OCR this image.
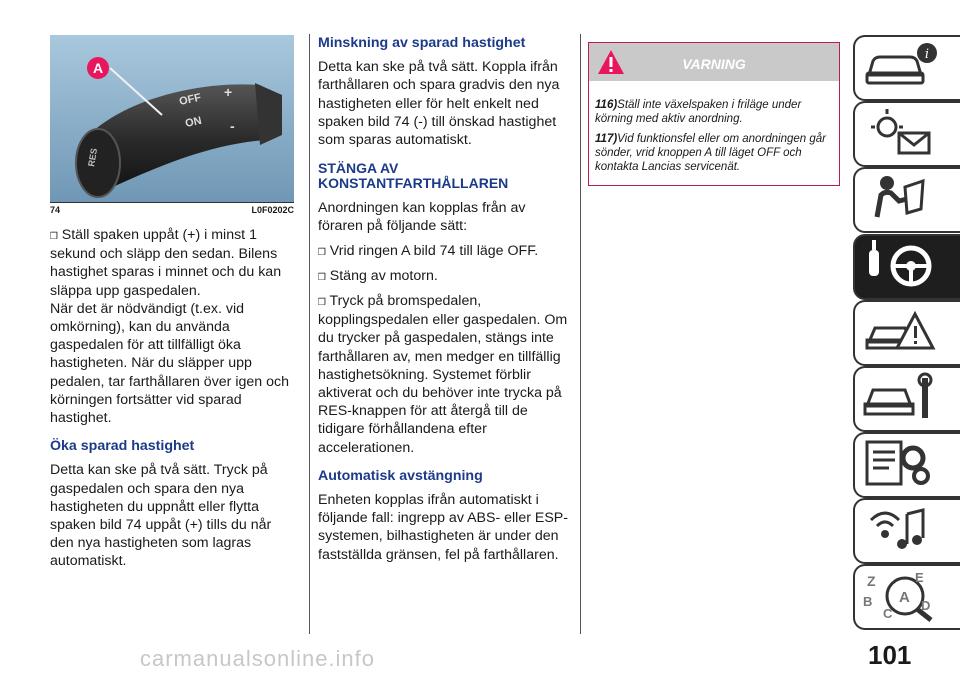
A
OFF
ON
+
-
RES
74	L0F0202C

❒ Ställ spaken uppåt (+) i minst 1 sekund och släpp den sedan. Bilens hastighet sparas i minnet och du kan släppa upp gaspedalen.
När det är nödvändigt (t.ex. vid omkörning), kan du använda gaspedalen för att tillfälligt öka hastigheten. När du släpper upp pedalen, tar farthållaren över igen och körningen fortsätter vid sparad hastighet.

Öka sparad hastighet

Detta kan ske på två sätt. Tryck på gaspedalen och spara den nya hastigheten du uppnått eller flytta spaken bild 74 uppåt (+) tills du når den nya hastigheten som lagras automatiskt.

Minskning av sparad hastighet

Detta kan ske på två sätt. Koppla ifrån farthållaren och spara gradvis den nya hastigheten eller för helt enkelt ned spaken bild 74 (-) till önskad hastighet som sparas automatiskt.

STÄNGA AV KONSTANTFARTHÅLLAREN

Anordningen kan kopplas från av föraren på följande sätt:

❒ Vrid ringen A bild 74 till läge OFF.

❒ Stäng av motorn.

❒ Tryck på bromspedalen, kopplingspedalen eller gaspedalen. Om du trycker på gaspedalen, stängs inte farthållaren av, men medger en tillfällig hastighetsökning. Systemet förblir aktiverat och du behöver inte trycka på RES-knappen för att återgå till de tidigare förhållandena efter accelerationen.

Automatisk avstängning

Enheten kopplas ifrån automatiskt i följande fall: ingrepp av ABS- eller ESP-systemen, bilhastigheten är under den fastställda gränsen, fel på farthållaren.

VARNING

116)Ställ inte växelspaken i friläge under körning med aktiv anordning.

117)Vid funktionsfel eller om anordningen går sönder, vrid knoppen A till läget OFF och kontakta Lancias servicenät.

i
Z	E
B A D
C
101
carmanualsonline.info
